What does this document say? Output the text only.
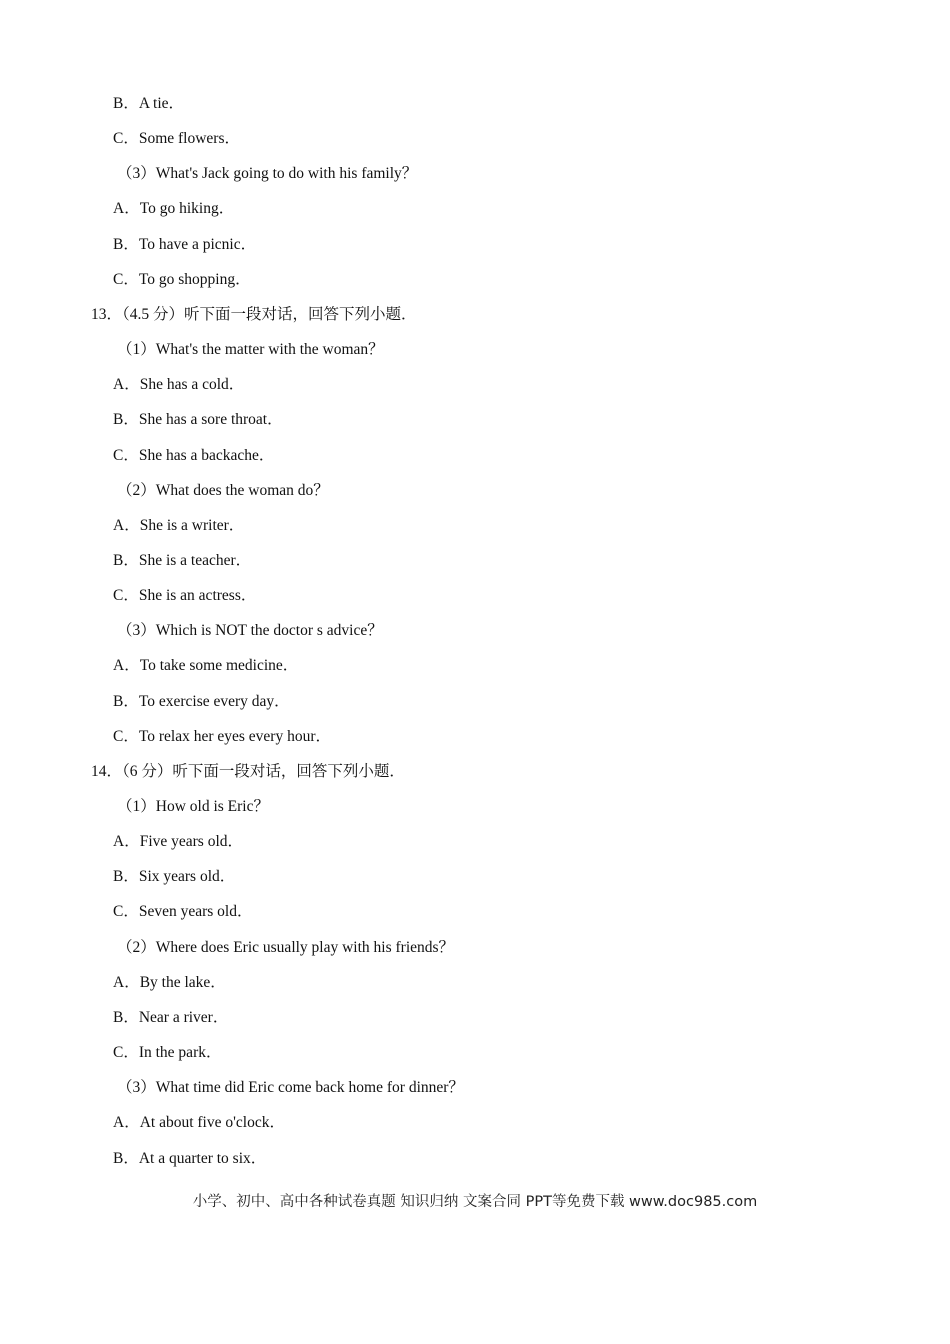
B．A tie．
C．Some flowers．
（3）What's Jack going to do with his family？
A．To go hiking．
B．To have a picnic．
C．To go shopping．
13．（4.5 分）听下面一段对话，回答下列小题．
（1）What's the matter with the woman？
A．She has a cold．
B．She has a sore throat．
C．She has a backache．
（2）What does the woman do？
A．She is a writer．
B．She is a teacher．
C．She is an actress．
（3）Which is NOT the doctor s advice？
A．To take some medicine．
B．To exercise every day．
C．To relax her eyes every hour．
14．（6 分）听下面一段对话，回答下列小题．
（1）How old is Eric？
A．Five years old．
B．Six years old．
C．Seven years old．
（2）Where does Eric usually play with his friends？
A．By the lake．
B．Near a river．
C．In the park．
（3）What time did Eric come back home for dinner？
A．At about five o'clock．
B．At a quarter to six．
小学、初中、高中各种试卷真题 知识归纳 文案合同 PPT等免费下载 www.doc985.com
